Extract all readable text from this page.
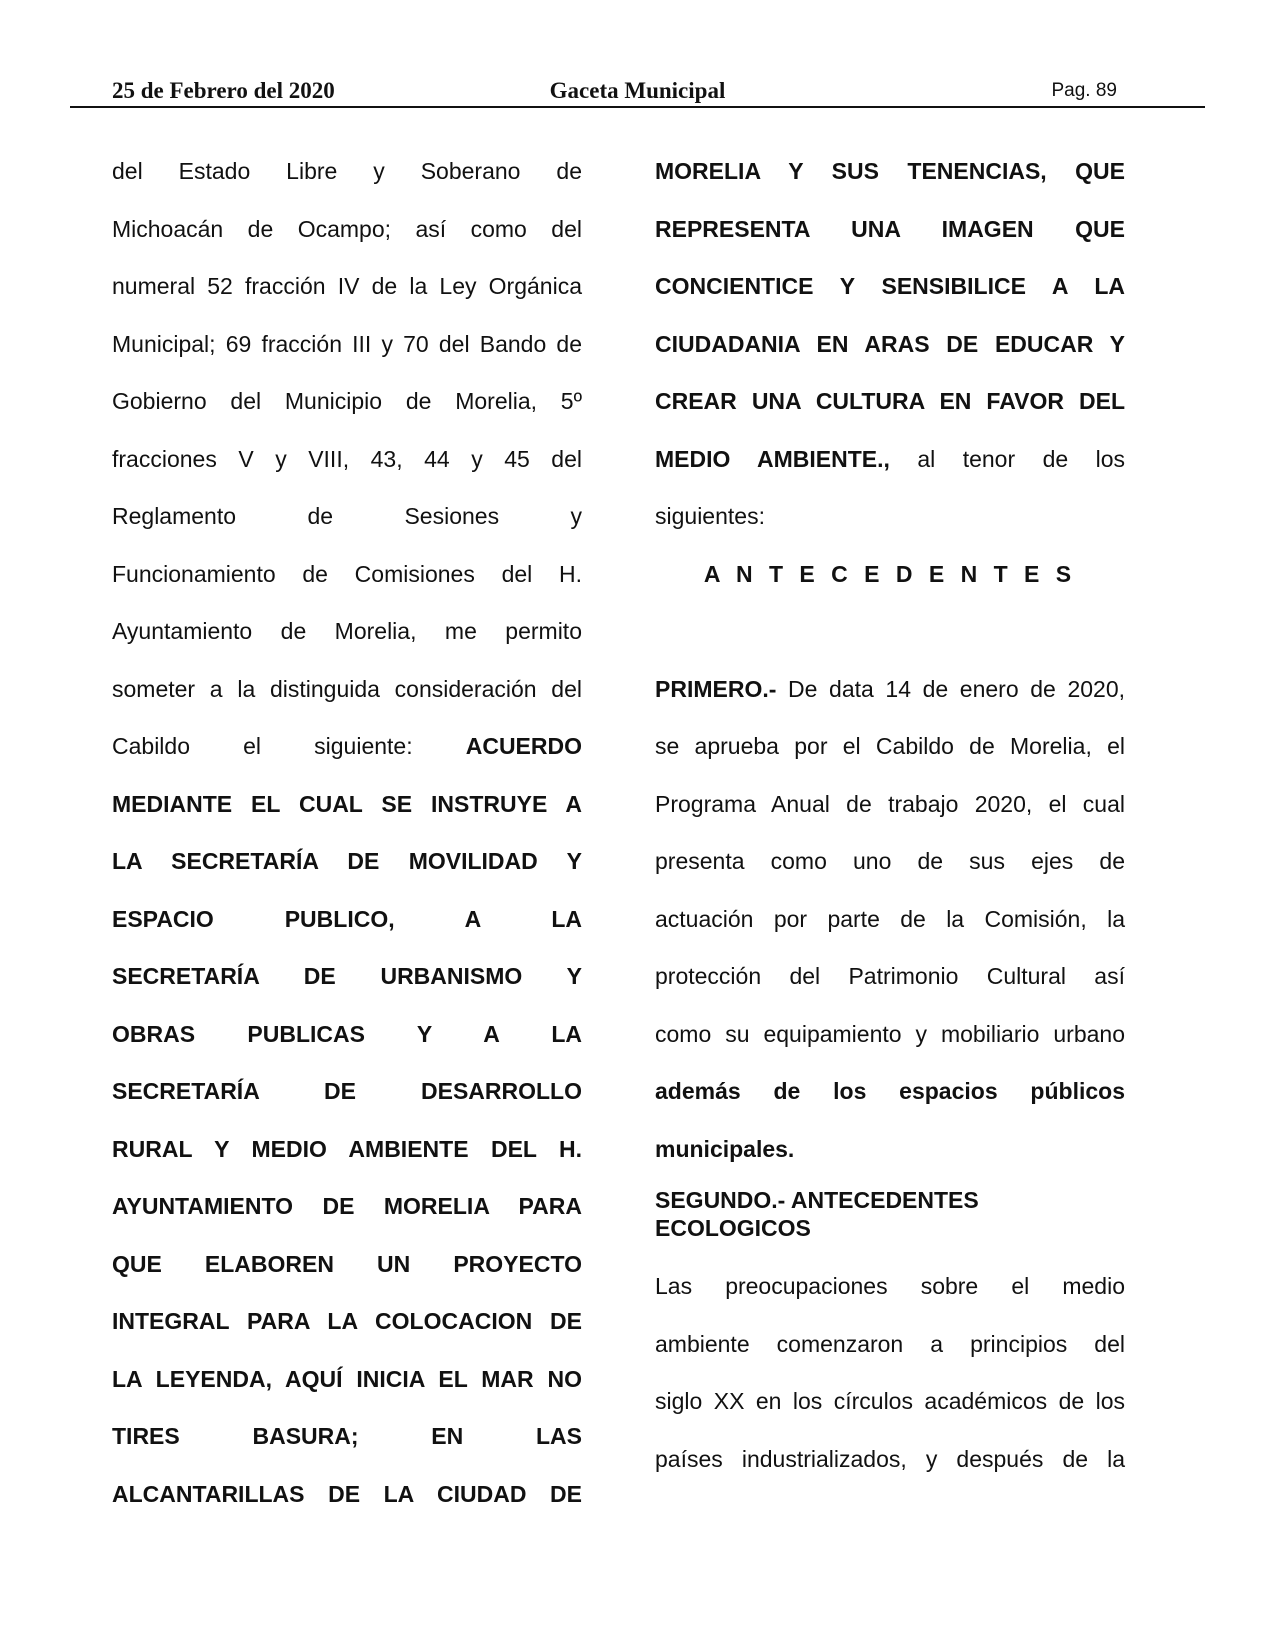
25 de Febrero del 2020	Gaceta Municipal	Pag. 89
del Estado Libre y Soberano de
Michoacán de Ocampo; así como del
numeral 52 fracción IV de la Ley Orgánica
Municipal; 69 fracción III y 70 del Bando de
Gobierno del Municipio de Morelia, 5º
fracciones V y VIII, 43, 44 y 45 del
Reglamento	de	Sesiones	y
Funcionamiento de Comisiones del H.
Ayuntamiento de Morelia, me permito
someter a la distinguida consideración del
Cabildo el siguiente: ACUERDO
MEDIANTE EL CUAL SE INSTRUYE A
LA SECRETARÍA DE MOVILIDAD Y
ESPACIO PUBLICO, A LA
SECRETARÍA DE URBANISMO Y
OBRAS PUBLICAS Y A LA
SECRETARÍA DE DESARROLLO
RURAL Y MEDIO AMBIENTE DEL H.
AYUNTAMIENTO DE MORELIA PARA
QUE ELABOREN UN PROYECTO
INTEGRAL PARA LA COLOCACION DE
LA LEYENDA, AQUÍ INICIA EL MAR NO
TIRES BASURA; EN LAS
ALCANTARILLAS DE LA CIUDAD DE
MORELIA Y SUS TENENCIAS, QUE
REPRESENTA UNA IMAGEN QUE
CONCIENTICE Y SENSIBILICE A LA
CIUDADANIA EN ARAS DE EDUCAR Y
CREAR UNA CULTURA EN FAVOR DEL
MEDIO AMBIENTE., al tenor de los
siguientes:
A N T E C E D E N T E S
PRIMERO.- De data 14 de enero de 2020,
se aprueba por el Cabildo de Morelia, el
Programa Anual de trabajo 2020, el cual
presenta como uno de sus ejes de
actuación por parte de la Comisión, la
protección del Patrimonio Cultural así
como su equipamiento y mobiliario urbano
además de los espacios públicos
municipales.
SEGUNDO.- ANTECEDENTES ECOLOGICOS
Las preocupaciones sobre el medio
ambiente comenzaron a principios del
siglo XX en los círculos académicos de los
países industrializados, y después de la
